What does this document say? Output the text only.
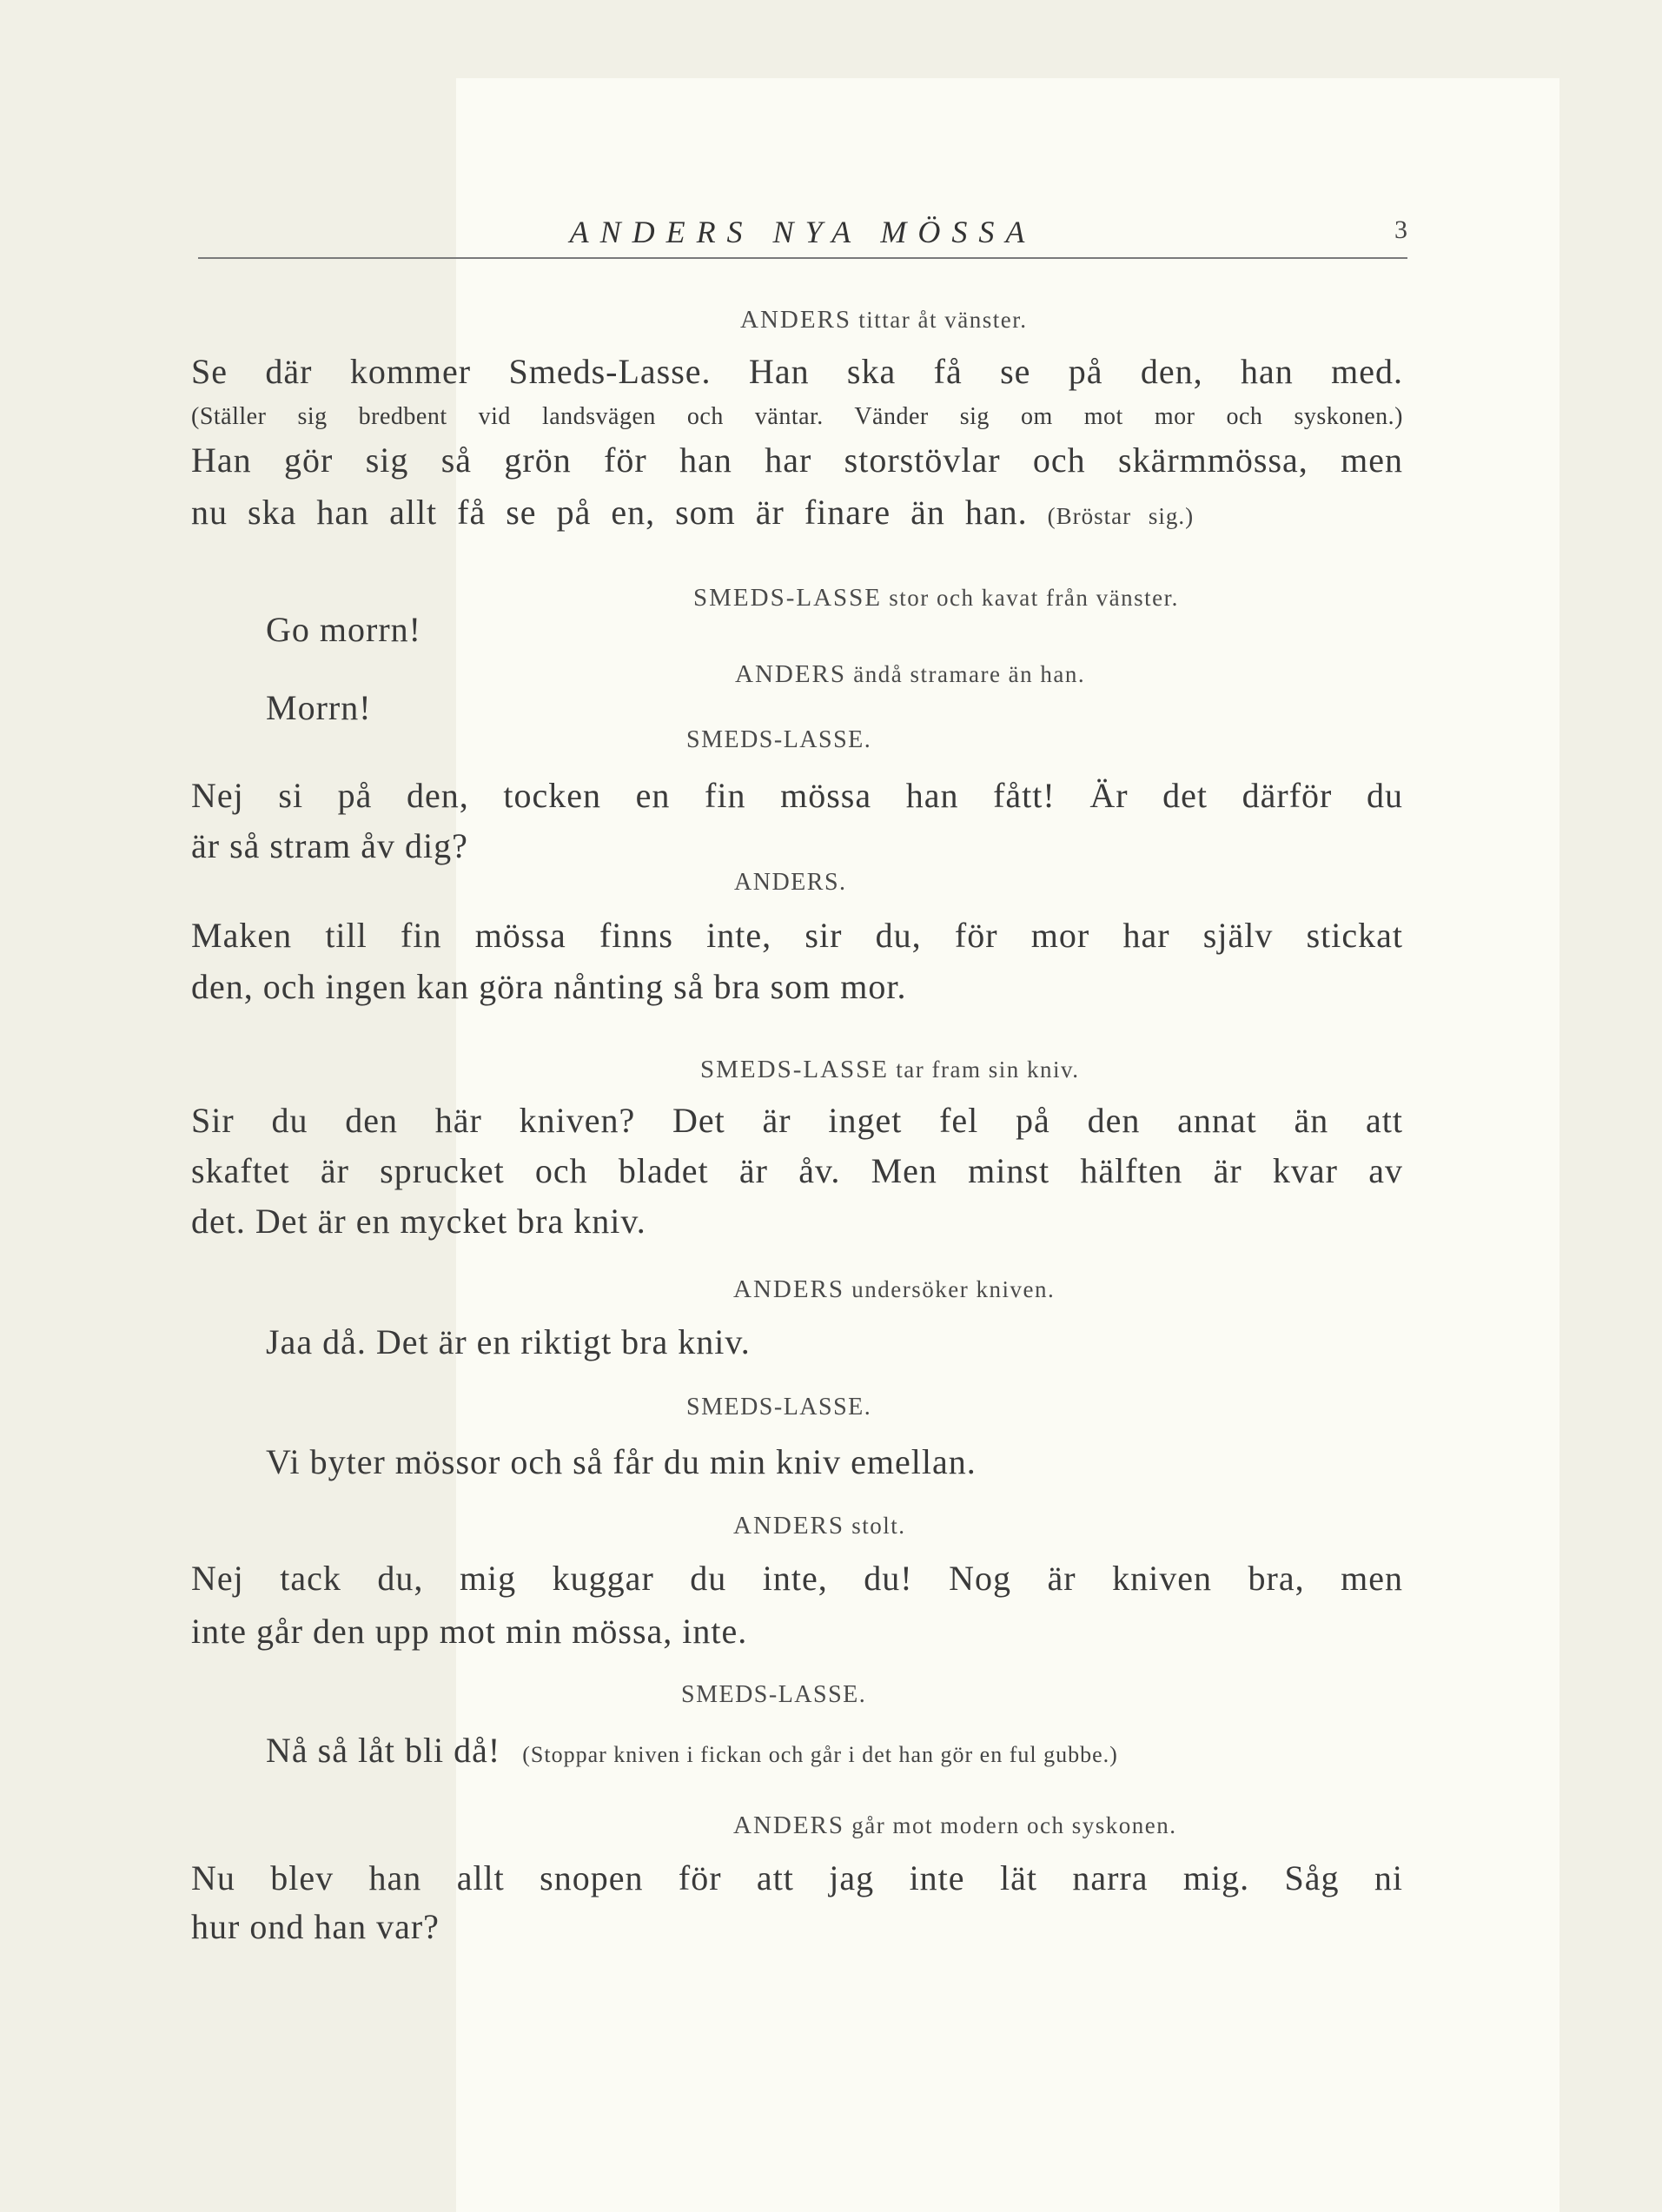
ANDERS NYA MÖSSA	3
ANDERS tittar åt vänster.
Se där kommer Smeds-Lasse. Han ska få se på den, han med.
(Ställer sig bredbent vid landsvägen och väntar. Vänder sig om mot mor och syskonen.)
Han gör sig så grön för han har storstövlar och skärmmössa, men
nu ska han allt få se på en, som är finare än han. (Bröstar sig.)
SMEDS-LASSE stor och kavat från vänster.
Go morrn!
ANDERS ändå stramare än han.
Morrn!
SMEDS-LASSE.
Nej si på den, tocken en fin mössa han fått! Är det därför du
är så stram åv dig?
ANDERS.
Maken till fin mössa finns inte, sir du, för mor har själv stickat
den, och ingen kan göra nånting så bra som mor.
SMEDS-LASSE tar fram sin kniv.
Sir du den här kniven? Det är inget fel på den annat än att
skaftet är sprucket och bladet är åv. Men minst hälften är kvar av
det. Det är en mycket bra kniv.
ANDERS undersöker kniven.
Jaa då. Det är en riktigt bra kniv.
SMEDS-LASSE.
Vi byter mössor och så får du min kniv emellan.
ANDERS stolt.
Nej tack du, mig kuggar du inte, du! Nog är kniven bra, men
inte går den upp mot min mössa, inte.
SMEDS-LASSE.
Nå så låt bli då! (Stoppar kniven i fickan och går i det han gör en ful gubbe.)
ANDERS går mot modern och syskonen.
Nu blev han allt snopen för att jag inte lät narra mig. Såg ni
hur ond han var?
